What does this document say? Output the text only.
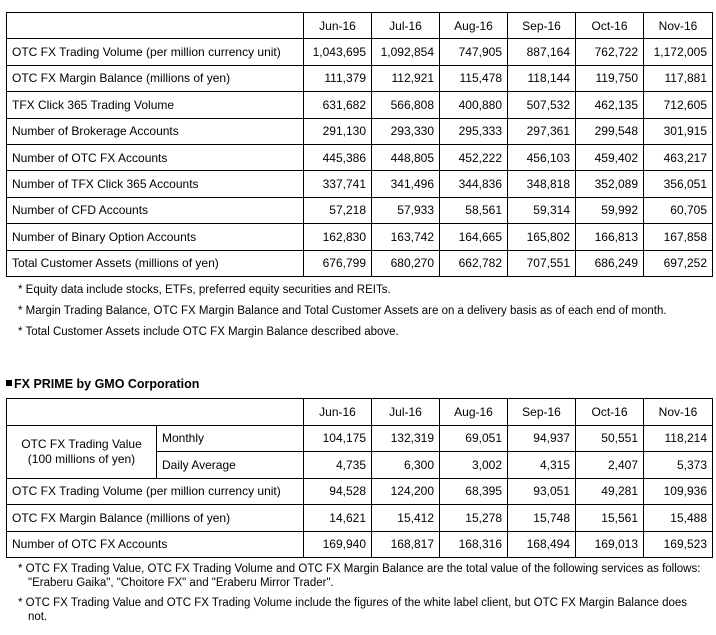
	Jun-16	Jul-16	Aug-16	Sep-16	Oct-16	Nov-16
OTC FX Trading Volume (per million currency unit)	1,043,695	1,092,854	747,905	887,164	762,722	1,172,005
OTC FX Margin Balance (millions of yen)	111,379	112,921	115,478	118,144	119,750	117,881
TFX Click 365 Trading Volume	631,682	566,808	400,880	507,532	462,135	712,605
Number of Brokerage Accounts	291,130	293,330	295,333	297,361	299,548	301,915
Number of OTC FX Accounts	445,386	448,805	452,222	456,103	459,402	463,217
Number of TFX Click 365 Accounts	337,741	341,496	344,836	348,818	352,089	356,051
Number of CFD Accounts	57,218	57,933	58,561	59,314	59,992	60,705
Number of Binary Option Accounts	162,830	163,742	164,665	165,802	166,813	167,858
Total Customer Assets (millions of yen)	676,799	680,270	662,782	707,551	686,249	697,252

* Equity data include stocks, ETFs, preferred equity securities and REITs.

* Margin Trading Balance, OTC FX Margin Balance and Total Customer Assets are on a delivery basis as of each end of month.

* Total Customer Assets include OTC FX Margin Balance described above.

FX PRIME by GMO Corporation
		Jun-16	Jul-16	Aug-16	Sep-16	Oct-16	Nov-16

OTC FX Trading Value
(100 millions of yen)	Monthly	104,175	132,319	69,051	94,937	50,551	118,214
	Daily Average	4,735	6,300	3,002	4,315	2,407	5,373
OTC FX Trading Volume (per million currency unit)		94,528	124,200	68,395	93,051	49,281	109,936
OTC FX Margin Balance (millions of yen)		14,621	15,412	15,278	15,748	15,561	15,488
Number of OTC FX Accounts		169,940	168,817	168,316	168,494	169,013	169,523

* OTC FX Trading Value, OTC FX Trading Volume and OTC FX Margin Balance are the total value of the following services as follows: "Eraberu Gaika", "Choitore FX" and "Eraberu Mirror Trader".

* OTC FX Trading Value and OTC FX Trading Volume include the figures of the white label client, but OTC FX Margin Balance does not.
